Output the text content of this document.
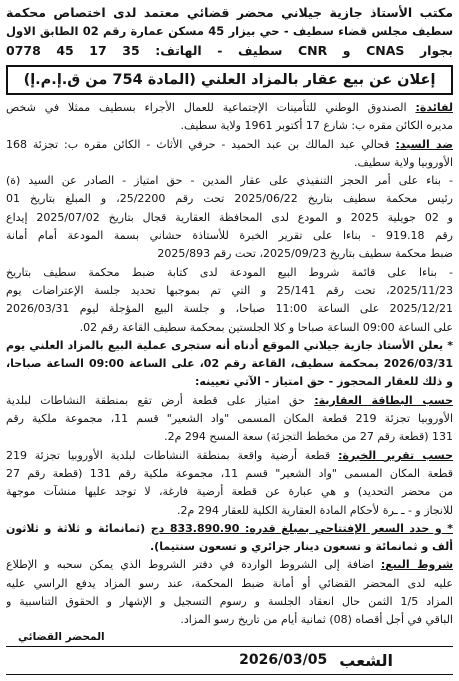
مكتب الأستاذ جازية جيلاني محضر قضائي معتمد لدى اختصاص محكمة
سطيف مجلس قضاء سطيف - حي بيزار 45 مسكن عمارة رقم 02 الطابق الاول
بجوار CNAS و CNR سطيف - الهاتف: 35 17 45 0778
إعلان عن بيع عقار بالمزاد العلني (المادة 754 من ق.إ.م.إ)
لفائدة: الصندوق الوطني للتأمينات الإجتماعية للعمال الأجراء بسطيف ممثلا في شخص
مديره الكائن مقره ب: شارع 17 أكتوبر 1961 ولاية سطيف.
ضد السيد: قحالي عبد المالك بن عبد الحميد - حرفي الأثاث - الكائن مقره ب: تجزئة 168
الأوروبيا ولاية سطيف.
- بناء على أمر الحجز التنفيذي على عقار المدين - حق امتياز - الصادر عن السيد (ة)
رئيس محكمة سطيف بتاريخ 2025/06/22 تحت رقم 25/2200، و المبلغ بتاريخ 01
و 02 جويلية 2025 و المودع لدى المحافظة العقارية قجال بتاريخ 2025/07/02 إيداع
رقم 919.18 - بناءا على تقرير الخبرة للأستاذة حشاني بسمة المودعة أمام أمانة
ضبط محكمة سطيف بتاريخ 2025/09/23، تحت رقم 2025/893
- بناءا على قائمة شروط البيع المودعة لدى كتابة ضبط محكمة سطيف بتاريخ
2025/11/23، تحت رقم 25/141 و التي تم بموجبها تحديد جلسة الإعتراضات يوم
2025/12/21 على الساعة 11:00 صباحا، و جلسة البيع المؤجلة ليوم 2026/03/31
على الساعة 09:00 الساعة صباحا و كلا الجلستين بمحكمة سطيف القاعة رقم 02.
* يعلن الأستاذ جازية جيلاني الموقع أدناه أنه ستجرى عملية البيع بالمزاد العلني يوم
2026/03/31 بمحكمة سطيف، القاعة رقم 02، على الساعة 09:00 الساعة صباحا،
و ذلك للعقار المحجوز - حق امتياز - الآتي تعيينه:
حسب البطاقة العقارية: حق امتياز على قطعة أرض تقع بمنطقة النشاطات لبلدية
الأوروبيا تجزئة 219 قطعة المكان المسمى "واد الشعير" قسم 11، مجموعة ملكية رقم
131 (قطعة رقم 27 من مخطط التجزئة) سعة المسح 294 م2.
حسب تقرير الخبرة: قطعة أرضية واقعة بمنطقة النشاطات لبلدية الأوروبيا تجزئة 219
قطعة المكان المسمى "واد الشعير" قسم 11، مجموعة ملكية رقم 131 (قطعة رقم 27
من محضر التحديد) و هي عبارة عن قطعة أرضية فارغة، لا توجد عليها منشآت موجهة
للانجاز و - ـ ـرة لأحكام المادة العقارية الكلية للعقار 294 م2.
* و حدد السعر الإفتتاحي بمبلغ قدره: 833.890.90 دج (ثمانمائة و ثلاثة و ثلاثون
ألف و ثمانمائة و تسعون دينار جزائري و تسعون سنتيما).
شروط البيع: اضافة إلى الشروط الواردة في دفتر الشروط الذي يمكن سحبه و الإطلاع
عليه لدى المحضر القضائي أو أمانة ضبط المحكمة، عند رسو المزاد يدفع الراسي عليه
المزاد 1/5 الثمن حال انعقاد الجلسة و رسوم التسجيل و الإشهار و الحقوق التناسبية و
الباقي في أجل أقصاه (08) ثمانية أيام من تاريخ رسو المزاد.
المحضر القضائي
الشعب
2026/03/05
